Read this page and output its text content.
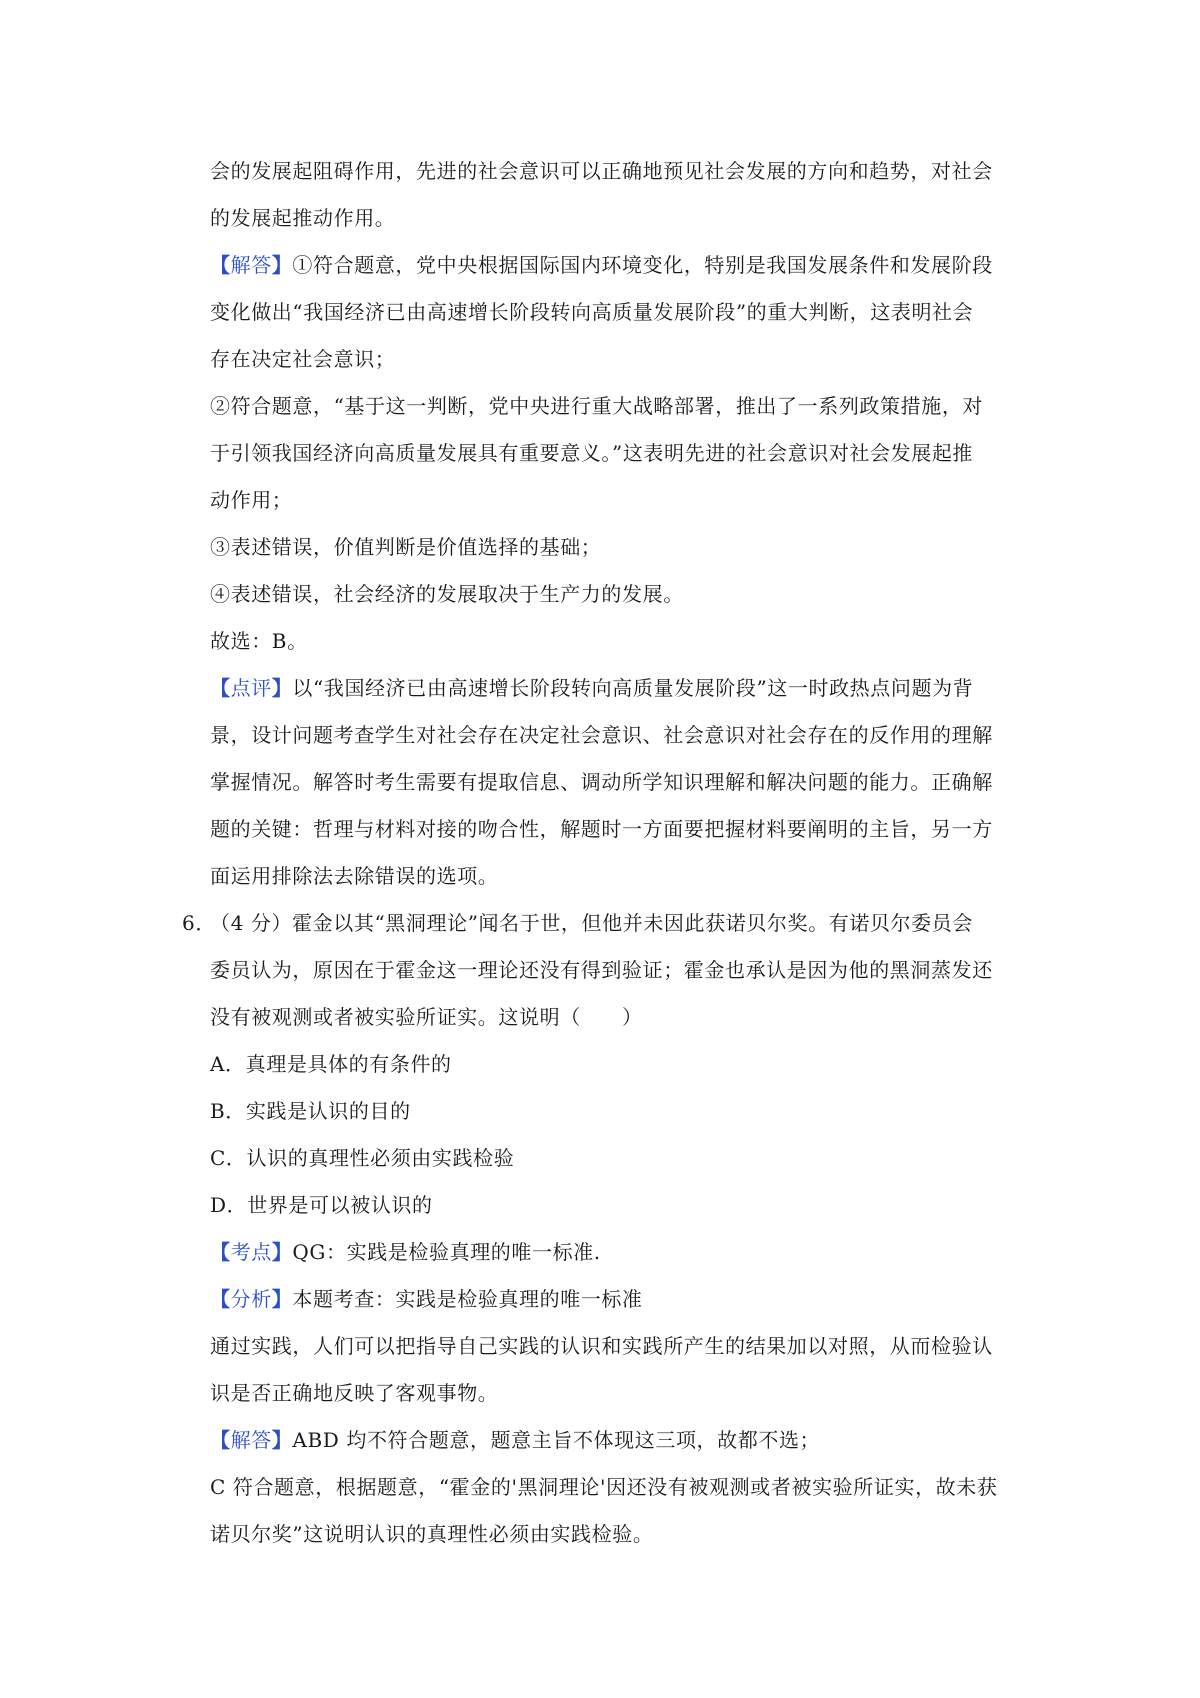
会的发展起阻碍作用，先进的社会意识可以正确地预见社会发展的方向和趋势，对社会
的发展起推动作用。
【解答】①符合题意，党中央根据国际国内环境变化，特别是我国发展条件和发展阶段
变化做出“我国经济已由高速增长阶段转向高质量发展阶段”的重大判断，这表明社会
存在决定社会意识；
②符合题意，“基于这一判断，党中央进行重大战略部署，推出了一系列政策措施，对
于引领我国经济向高质量发展具有重要意义。”这表明先进的社会意识对社会发展起推
动作用；
③表述错误，价值判断是价值选择的基础；
④表述错误，社会经济的发展取决于生产力的发展。
故选：B。
【点评】以“我国经济已由高速增长阶段转向高质量发展阶段”这一时政热点问题为背
景，设计问题考查学生对社会存在决定社会意识、社会意识对社会存在的反作用的理解
掌握情况。解答时考生需要有提取信息、调动所学知识理解和解决问题的能力。正确解
题的关键：哲理与材料对接的吻合性，解题时一方面要把握材料要阐明的主旨，另一方
面运用排除法去除错误的选项。
6．（4 分）霍金以其“黑洞理论”闻名于世，但他并未因此获诺贝尔奖。有诺贝尔委员会
委员认为，原因在于霍金这一理论还没有得到验证；霍金也承认是因为他的黑洞蒸发还
没有被观测或者被实验所证实。这说明（　　）
A．真理是具体的有条件的
B．实践是认识的目的
C．认识的真理性必须由实践检验
D．世界是可以被认识的
【考点】QG：实践是检验真理的唯一标准.
【分析】本题考查：实践是检验真理的唯一标准
通过实践，人们可以把指导自己实践的认识和实践所产生的结果加以对照，从而检验认
识是否正确地反映了客观事物。
【解答】ABD 均不符合题意，题意主旨不体现这三项，故都不选；
C 符合题意，根据题意，“霍金的'黑洞理论'因还没有被观测或者被实验所证实，故未获
诺贝尔奖”这说明认识的真理性必须由实践检验。
